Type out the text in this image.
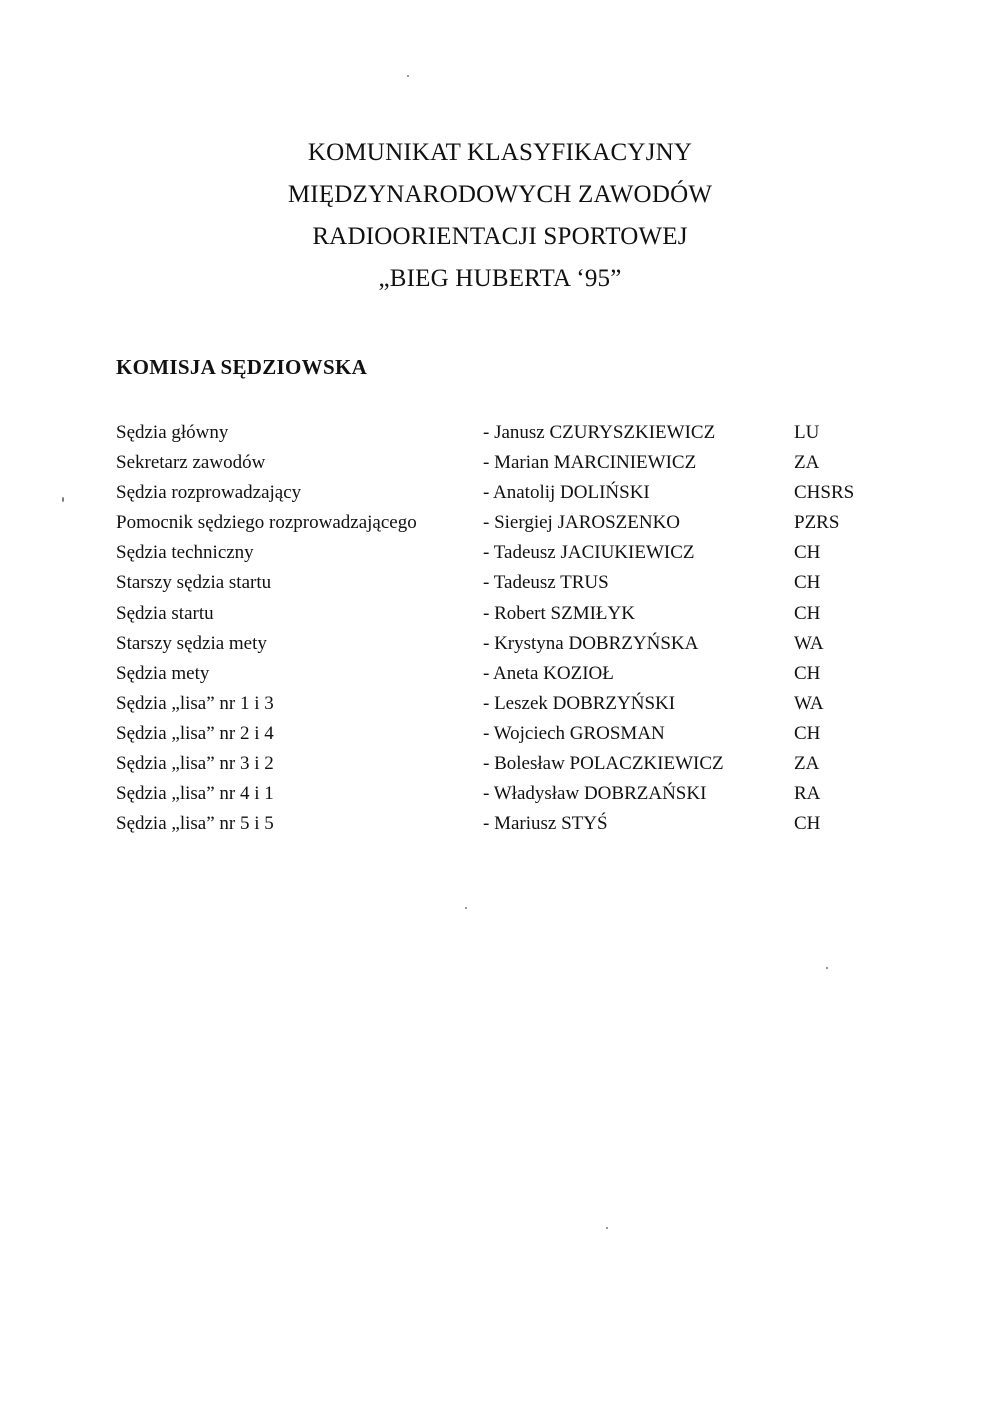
KOMUNIKAT KLASYFIKACYJNY
MIĘDZYNARODOWYCH ZAWODÓW
RADIOORIENTACJI SPORTOWEJ
„BIEG HUBERTA ‘95”
KOMISJA SĘDZIOWSKA
Sędzia główny	- Janusz CZURYSZKIEWICZ	LU
Sekretarz zawodów	- Marian MARCINIEWICZ	ZA
Sędzia rozprowadzający	- Anatolij DOLIŃSKI	CHSRS
Pomocnik sędziego rozprowadzającego	- Siergiej JAROSZENKO	PZRS
Sędzia techniczny	- Tadeusz JACIUKIEWICZ	CH
Starszy sędzia startu	- Tadeusz TRUS	CH
Sędzia startu	- Robert SZMIŁYK	CH
Starszy sędzia mety	- Krystyna DOBRZYŃSKA	WA
Sędzia mety	- Aneta KOZIOŁ	CH
Sędzia „lisa” nr 1 i 3	- Leszek DOBRZYŃSKI	WA
Sędzia „lisa” nr 2 i 4	- Wojciech GROSMAN	CH
Sędzia „lisa” nr 3 i 2	- Bolesław POLACZKIEWICZ	ZA
Sędzia „lisa” nr 4 i 1	- Władysław DOBRZAŃSKI	RA
Sędzia „lisa” nr 5 i 5	- Mariusz STYŚ	CH
